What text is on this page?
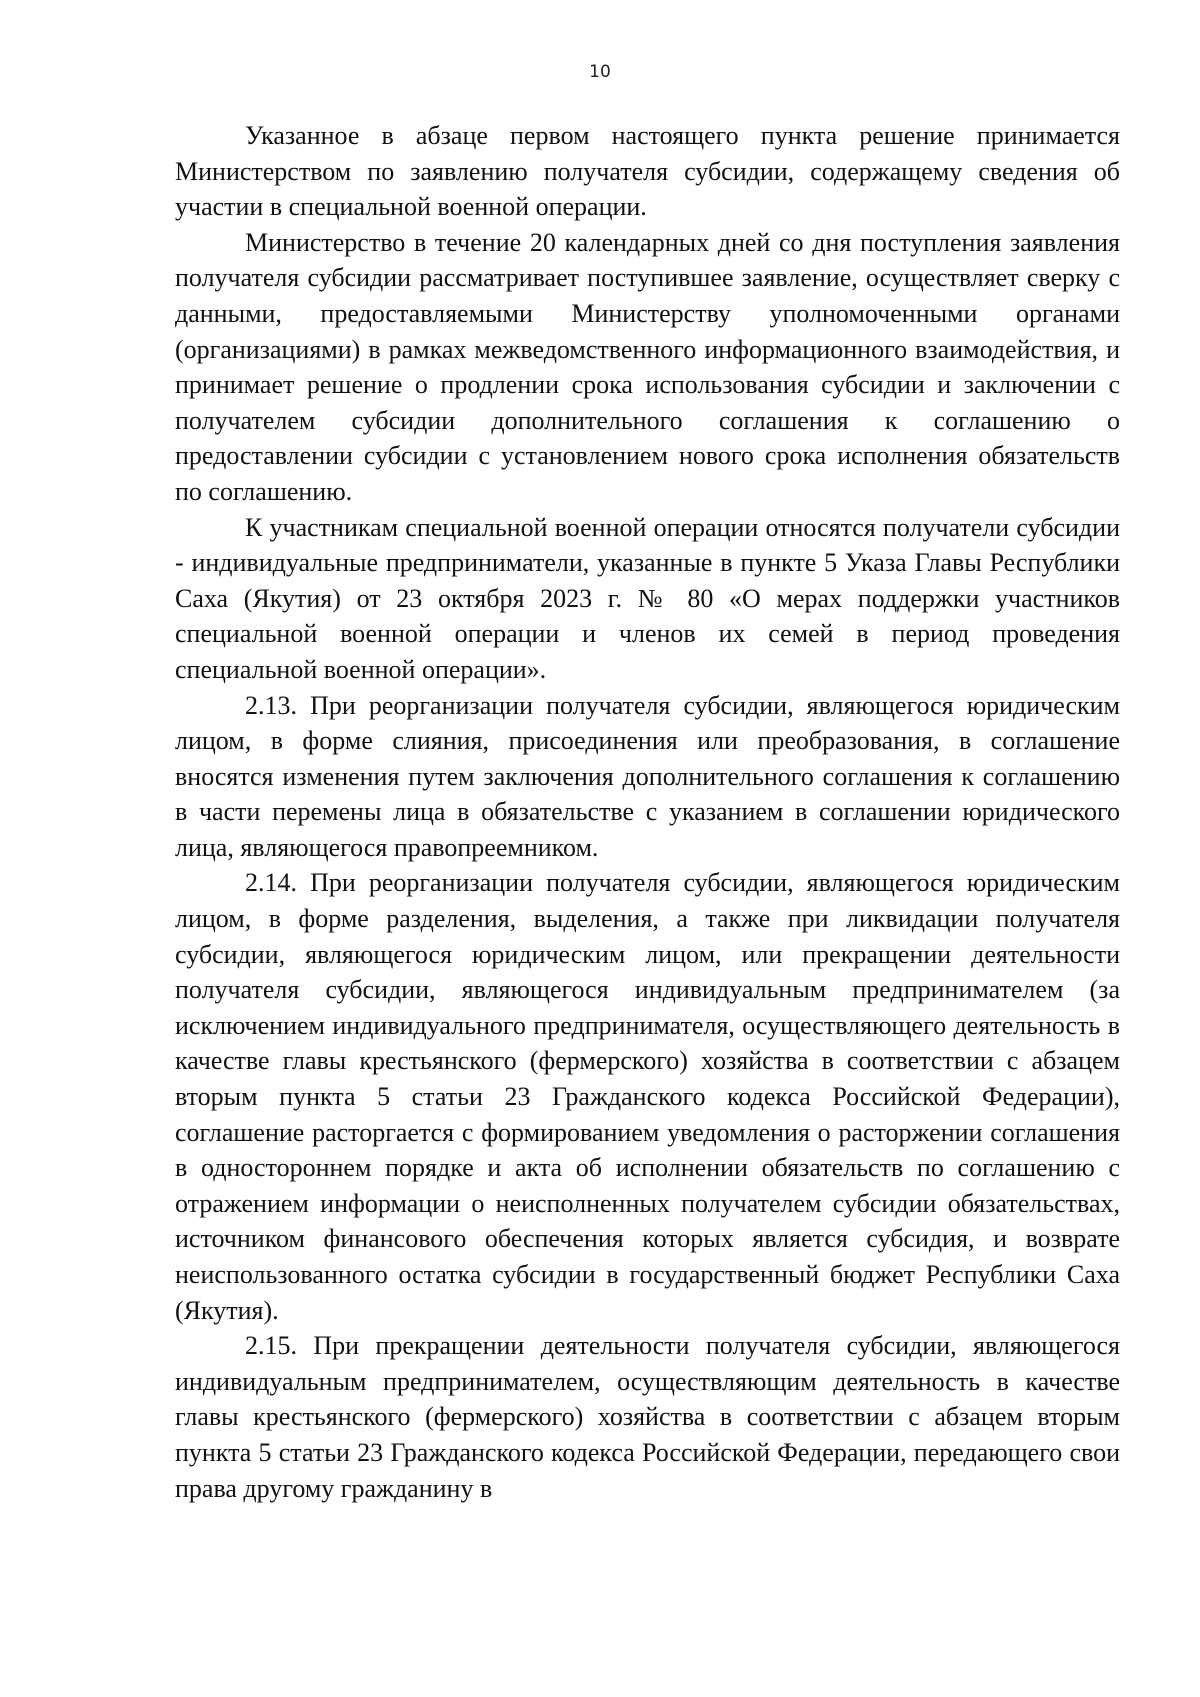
10

Указанное в абзаце первом настоящего пункта решение принимается Министерством по заявлению получателя субсидии, содержащему сведения об участии в специальной военной операции.

Министерство в течение 20 календарных дней со дня поступления заявления получателя субсидии рассматривает поступившее заявление, осуществляет сверку с данными, предоставляемыми Министерству уполномоченными органами (организациями) в рамках межведомственного информационного взаимодействия, и принимает решение о продлении срока использования субсидии и заключении с получателем субсидии дополнительного соглашения к соглашению о предоставлении субсидии с установлением нового срока исполнения обязательств по соглашению.

К участникам специальной военной операции относятся получатели субсидии - индивидуальные предприниматели, указанные в пункте 5 Указа Главы Республики Саха (Якутия) от 23 октября 2023 г. № 80 «О мерах поддержки участников специальной военной операции и членов их семей в период проведения специальной военной операции».

2.13. При реорганизации получателя субсидии, являющегося юридическим лицом, в форме слияния, присоединения или преобразования, в соглашение вносятся изменения путем заключения дополнительного соглашения к соглашению в части перемены лица в обязательстве с указанием в соглашении юридического лица, являющегося правопреемником.

2.14. При реорганизации получателя субсидии, являющегося юридическим лицом, в форме разделения, выделения, а также при ликвидации получателя субсидии, являющегося юридическим лицом, или прекращении деятельности получателя субсидии, являющегося индивидуальным предпринимателем (за исключением индивидуального предпринимателя, осуществляющего деятельность в качестве главы крестьянского (фермерского) хозяйства в соответствии с абзацем вторым пункта 5 статьи 23 Гражданского кодекса Российской Федерации), соглашение расторгается с формированием уведомления о расторжении соглашения в одностороннем порядке и акта об исполнении обязательств по соглашению с отражением информации о неисполненных получателем субсидии обязательствах, источником финансового обеспечения которых является субсидия, и возврате неиспользованного остатка субсидии в государственный бюджет Республики Саха (Якутия).

2.15. При прекращении деятельности получателя субсидии, являющегося индивидуальным предпринимателем, осуществляющим деятельность в качестве главы крестьянского (фермерского) хозяйства в соответствии с абзацем вторым пункта 5 статьи 23 Гражданского кодекса Российской Федерации, передающего свои права другому гражданину в
